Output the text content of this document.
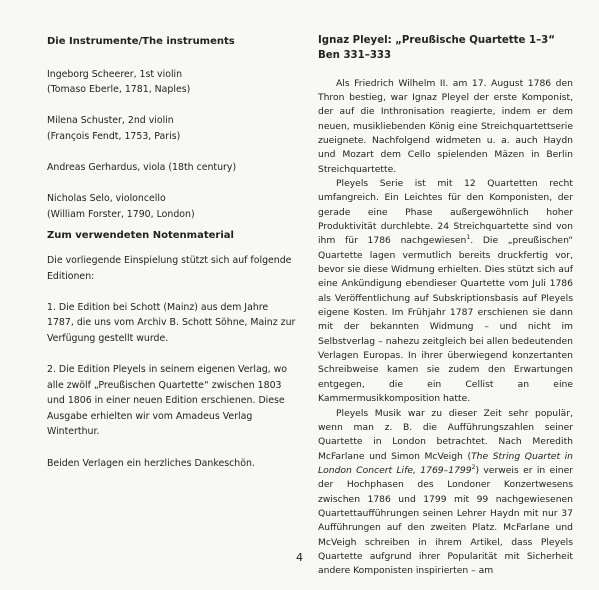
Die Instrumente/The instruments

Ingeborg Scheerer, 1st violin
(Tomaso Eberle, 1781, Naples)

Milena Schuster, 2nd violin
(François Fendt, 1753, Paris)

Andreas Gerhardus, viola (18th century)

Nicholas Selo, violoncello
(William Forster, 1790, London)

Zum verwendeten Notenmaterial

Die vorliegende Einspielung stützt sich auf folgende Editionen:

1. Die Edition bei Schott (Mainz) aus dem Jahre 1787, die uns vom Archiv B. Schott Söhne, Mainz zur Verfügung gestellt wurde.

2. Die Edition Pleyels in seinem eigenen Verlag, wo alle zwölf „Preußischen Quartette“ zwischen 1803 und 1806 in einer neuen Edition erschienen. Diese Ausgabe erhielten wir vom Amadeus Verlag Winterthur.

Beiden Verlagen ein herzliches Dankeschön.

Ignaz Pleyel: „Preußische Quartette 1–3“
Ben 331–333

Als Friedrich Wilhelm II. am 17. August 1786 den Thron bestieg, war Ignaz Pleyel der erste Komponist, der auf die Inthronisation reagierte, indem er dem neuen, musikliebenden König eine Streichquartettserie zueignete. Nachfolgend widmeten u. a. auch Haydn und Mozart dem Cello spielenden Mäzen in Berlin Streichquartette.

Pleyels Serie ist mit 12 Quartetten recht umfangreich. Ein Leichtes für den Komponisten, der gerade eine Phase außergewöhnlich hoher Produktivität durchlebte. 24 Streichquartette sind von ihm für 1786 nachgewiesen$^1$. Die „preußischen“ Quartette lagen vermutlich bereits druckfertig vor, bevor sie diese Widmung erhielten. Dies stützt sich auf eine Ankündigung ebendieser Quartette vom Juli 1786 als Veröffentlichung auf Subskriptionsbasis auf Pleyels eigene Kosten. Im Frühjahr 1787 erschienen sie dann mit der bekannten Widmung – und nicht im Selbstverlag – nahezu zeitgleich bei allen bedeutenden Verlagen Europas. In ihrer überwiegend konzertanten Schreibweise kamen sie zudem den Erwartungen entgegen, die ein Cellist an eine Kammermusikkomposition hatte.

Pleyels Musik war zu dieser Zeit sehr populär, wenn man z. B. die Aufführungszahlen seiner Quartette in London betrachtet. Nach Meredith McFarlane und Simon McVeigh (The String Quartet in London Concert Life, 1769–1799$^2$) verweis er in einer der Hochphasen des Londoner Konzertwesens zwischen 1786 und 1799 mit 99 nachgewiesenen Quartettaufführungen seinen Lehrer Haydn mit nur 37 Aufführungen auf den zweiten Platz. McFarlane und McVeigh schreiben in ihrem Artikel, dass Pleyels Quartette aufgrund ihrer Popularität mit Sicherheit andere Komponisten inspirierten – am

4
